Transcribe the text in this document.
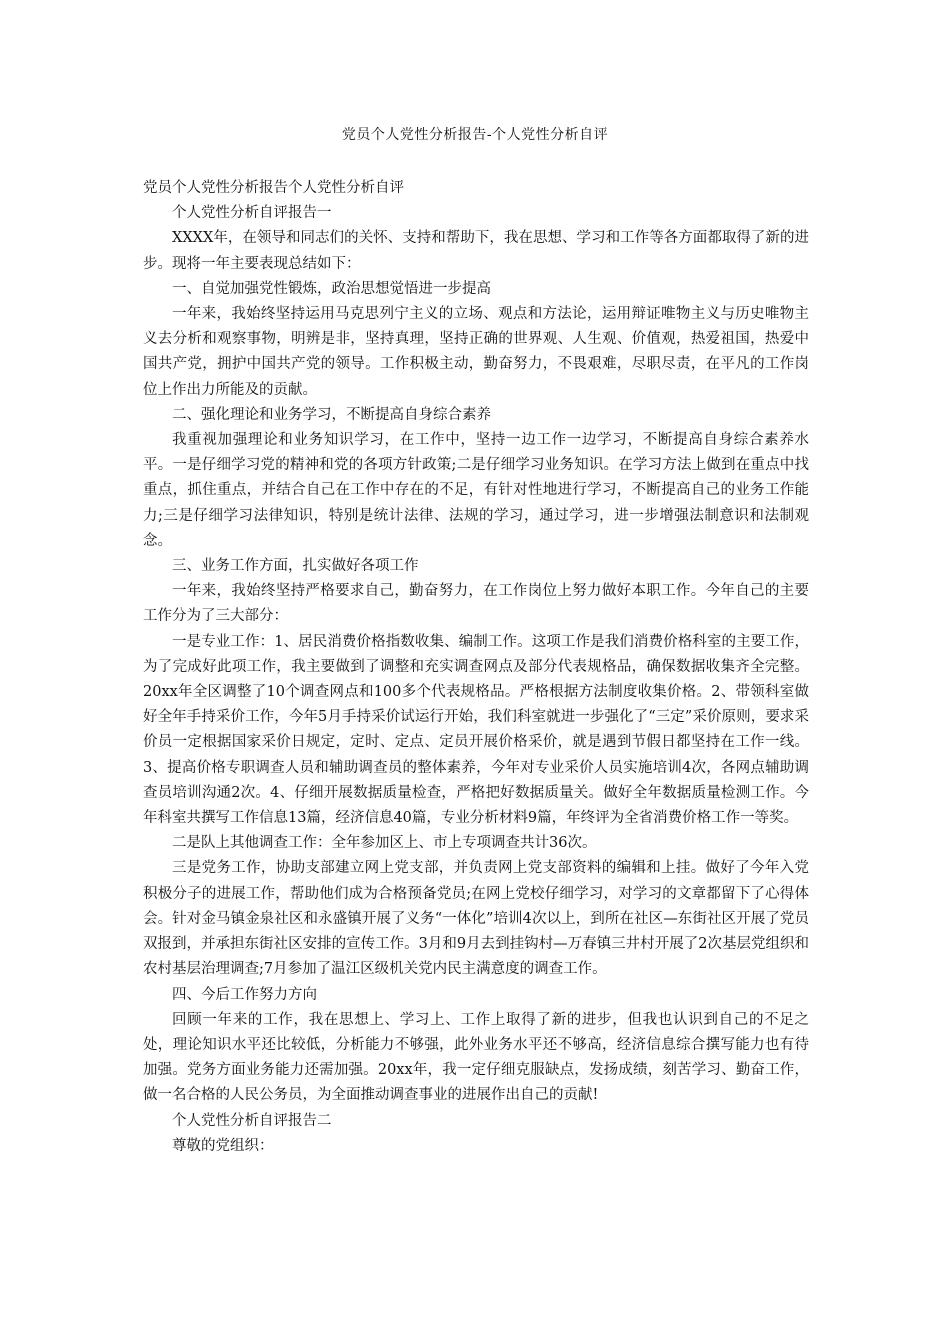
党员个人党性分析报告-个人党性分析自评

党员个人党性分析报告个人党性分析自评

个人党性分析自评报告一

XXXX年，在领导和同志们的关怀、支持和帮助下，我在思想、学习和工作等各方面都取得了新的进步。现将一年主要表现总结如下：

一、自觉加强党性锻炼，政治思想觉悟进一步提高

一年来，我始终坚持运用马克思列宁主义的立场、观点和方法论，运用辩证唯物主义与历史唯物主义去分析和观察事物，明辨是非，坚持真理，坚持正确的世界观、人生观、价值观，热爱祖国，热爱中国共产党，拥护中国共产党的领导。工作积极主动，勤奋努力，不畏艰难，尽职尽责，在平凡的工作岗位上作出力所能及的贡献。

二、强化理论和业务学习，不断提高自身综合素养

我重视加强理论和业务知识学习，在工作中，坚持一边工作一边学习，不断提高自身综合素养水平。一是仔细学习党的精神和党的各项方针政策;二是仔细学习业务知识。在学习方法上做到在重点中找重点，抓住重点，并结合自己在工作中存在的不足，有针对性地进行学习，不断提高自己的业务工作能力;三是仔细学习法律知识，特别是统计法律、法规的学习，通过学习，进一步增强法制意识和法制观念。

三、业务工作方面，扎实做好各项工作

一年来，我始终坚持严格要求自己，勤奋努力，在工作岗位上努力做好本职工作。今年自己的主要工作分为了三大部分：

一是专业工作：1、居民消费价格指数收集、编制工作。这项工作是我们消费价格科室的主要工作，为了完成好此项工作，我主要做到了调整和充实调查网点及部分代表规格品，确保数据收集齐全完整。20xx年全区调整了10个调查网点和100多个代表规格品。严格根据方法制度收集价格。2、带领科室做好全年手持采价工作，今年5月手持采价试运行开始，我们科室就进一步强化了“三定”采价原则，要求采价员一定根据国家采价日规定，定时、定点、定员开展价格采价，就是遇到节假日都坚持在工作一线。3、提高价格专职调查人员和辅助调查员的整体素养，今年对专业采价人员实施培训4次，各网点辅助调查员培训沟通2次。4、仔细开展数据质量检查，严格把好数据质量关。做好全年数据质量检测工作。今年科室共撰写工作信息13篇，经济信息40篇，专业分析材料9篇，年终评为全省消费价格工作一等奖。

二是队上其他调查工作：全年参加区上、市上专项调查共计36次。

三是党务工作，协助支部建立网上党支部，并负责网上党支部资料的编辑和上挂。做好了今年入党积极分子的进展工作，帮助他们成为合格预备党员;在网上党校仔细学习，对学习的文章都留下了心得体会。针对金马镇金泉社区和永盛镇开展了义务“一体化”培训4次以上，到所在社区—东街社区开展了党员双报到，并承担东街社区安排的宣传工作。3月和9月去到挂钩村—万春镇三井村开展了2次基层党组织和农村基层治理调查;7月参加了温江区级机关党内民主满意度的调查工作。

四、今后工作努力方向

回顾一年来的工作，我在思想上、学习上、工作上取得了新的进步，但我也认识到自己的不足之处，理论知识水平还比较低，分析能力不够强，此外业务水平还不够高，经济信息综合撰写能力也有待加强。党务方面业务能力还需加强。20xx年，我一定仔细克服缺点，发扬成绩，刻苦学习、勤奋工作，做一名合格的人民公务员，为全面推动调查事业的进展作出自己的贡献!

个人党性分析自评报告二

尊敬的党组织：
